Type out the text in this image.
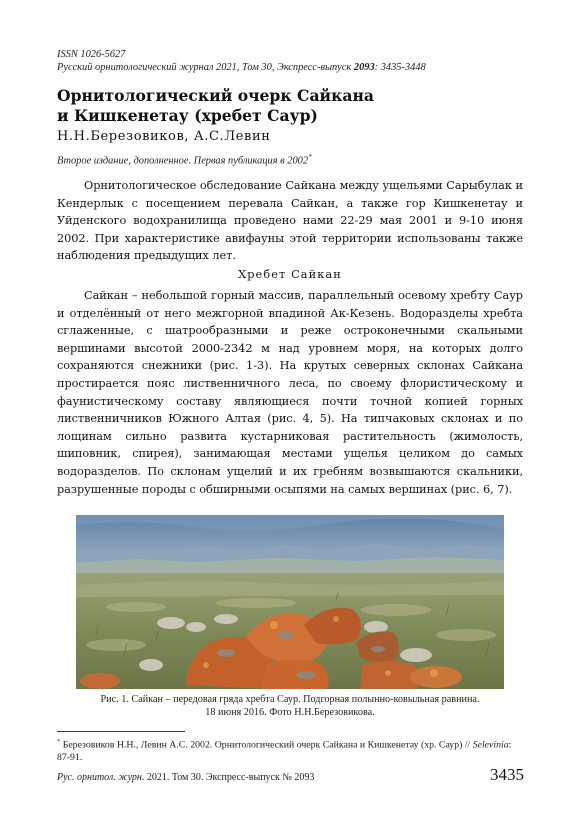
ISSN 1026-5627
Русский орнитологический журнал 2021, Том 30, Экспресс-выпуск 2093: 3435-3448
Орнитологический очерк Сайкана
и Кишкенетау (хребет Саур)
Н.Н.Березовиков, А.С.Левин
Второе издание, дополненное. Первая публикация в 2002*

Орнитологическое обследование Сайкана между ущельями Сарыбулак и Кендерлык с посещением перевала Сайкан, а также гор Кишкенетау и Уйденского водохранилища проведено нами 22-29 мая 2001 и 9-10 июня 2002. При характеристике авифауны этой территории использованы также наблюдения предыдущих лет.

Хребет Сайкан

Сайкан – небольшой горный массив, параллельный осевому хребту Саур и отделённый от него межгорной впадиной Ак-Кезень. Водоразделы хребта сглаженные, с шатрообразными и реже остроконечными скальными вершинами высотой 2000-2342 м над уровнем моря, на которых долго сохраняются снежники (рис. 1-3). На крутых северных склонах Сайкана простирается пояс лиственничного леса, по своему флористическому и фаунистическому составу являющиеся почти точной копией горных лиственничников Южного Алтая (рис. 4, 5). На типчаковых склонах и по лощинам сильно развита кустарниковая растительность (жимолость, шиповник, спирея), занимающая местами ущелья целиком до самых водоразделов. По склонам ущелий и их гребням возвышаются скальники, разрушенные породы с обширными осыпями на самых вершинах (рис. 6, 7).

Рис. 1. Сайкан – передовая гряда хребта Саур. Подгорная полынно-ковыльная равнина.
18 июня 2016. Фото Н.Н.Березовикова.
* Березовиков Н.Н., Левин А.С. 2002. Орнитологический очерк Сайкана и Кишкенетау (хр. Саур) // Selevinia: 87-91.
Рус. орнитол. журн. 2021. Том 30. Экспресс-выпуск № 2093	3435
